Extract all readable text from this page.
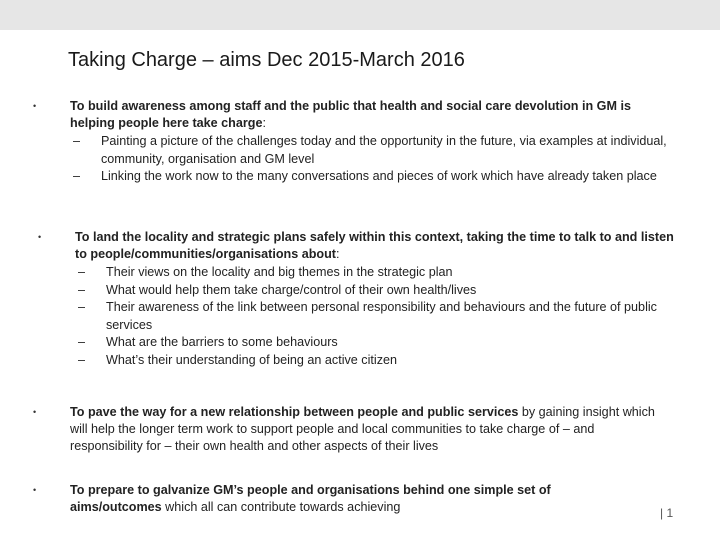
Taking Charge – aims Dec 2015-March 2016
•	To build awareness among staff and the public that health and social care devolution in GM is helping people here take charge:
– Painting a picture of the challenges today and the opportunity in the future, via examples at individual, community, organisation and GM level
– Linking the work now to the many conversations and pieces of work which have already taken place
•	To land the locality and strategic plans safely within this context, taking the time to talk to and listen to people/communities/organisations about:
– Their views on the locality and big themes in the strategic plan
– What would help them take charge/control of their own health/lives
– Their awareness of the link between personal responsibility and behaviours and the future of public services
– What are the barriers to some behaviours
– What’s their understanding of being an active citizen
•	To pave the way for a new relationship between people and public services by gaining insight which will help the longer term work to support people and local communities to take charge of – and responsibility for – their own health and other aspects of their lives
•	To prepare to galvanize GM’s people and organisations behind one simple set of aims/outcomes which all can contribute towards achieving	| 1
